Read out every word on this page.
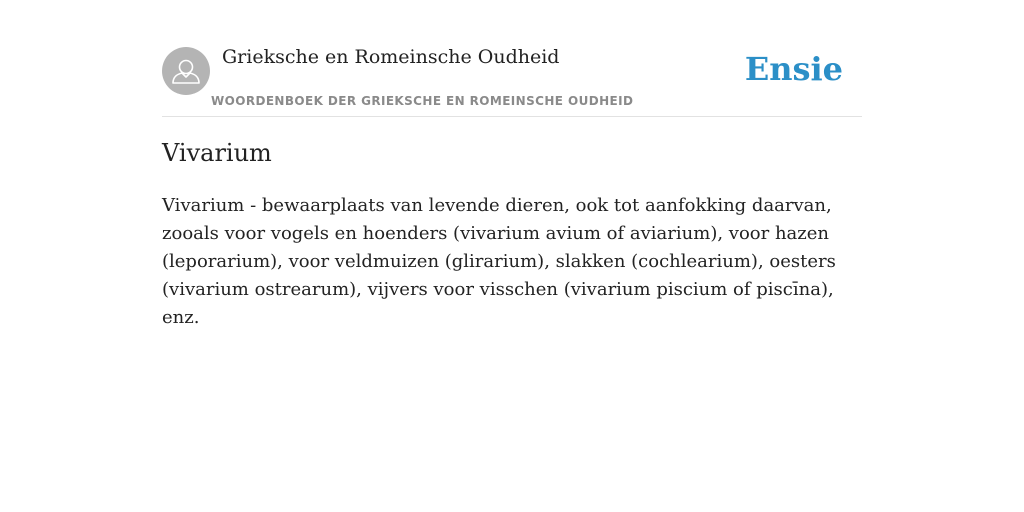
Grieksche en Romeinsche Oudheid
WOORDENBOEK DER GRIEKSCHE EN ROMEINSCHE OUDHEID
Ensie
Vivarium

Vivarium - bewaarplaats van levende dieren, ook tot aanfokking daarvan, zooals voor vogels en hoenders (vivarium avium of aviarium), voor hazen (leporarium), voor veldmuizen (glirarium), slakken (cochlearium), oesters (vivarium ostrearum), vijvers voor visschen (vivarium piscium of piscīna), enz.
